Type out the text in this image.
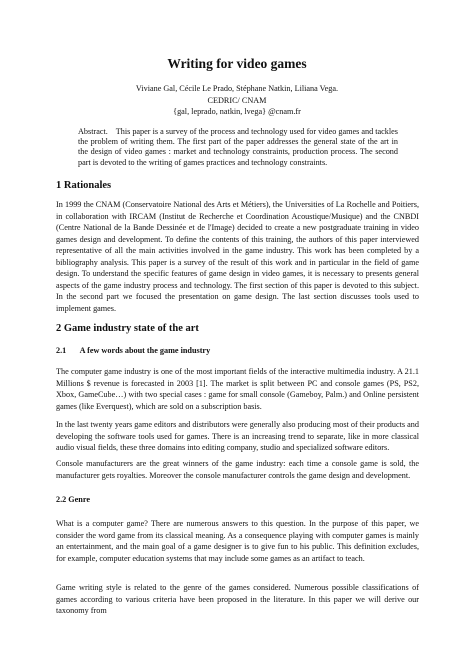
Writing for video games
Viviane Gal, Cécile Le Prado, Stéphane Natkin, Liliana Vega.
CEDRIC/ CNAM
{gal, leprado, natkin, lvega} @cnam.fr
Abstract. This paper is a survey of the process and technology used for video games and tackles the problem of writing them. The first part of the paper addresses the general state of the art in the design of video games : market and technology constraints, production process. The second part is devoted to the writing of games practices and technology constraints.
1 Rationales
In 1999 the CNAM (Conservatoire National des Arts et Métiers), the Universities of La Rochelle and Poitiers, in collaboration with IRCAM (Institut de Recherche et Coordination Acoustique/Musique) and the CNBDI (Centre National de la Bande Dessinée et de l'Image) decided to create a new postgraduate training in video games design and development. To define the contents of this training, the authors of this paper interviewed representative of all the main activities involved in the game industry. This work has been completed by a bibliography analysis. This paper is a survey of the result of this work and in particular in the field of game design. To understand the specific features of game design in video games, it is necessary to presents general aspects of the game industry process and technology. The first section of this paper is devoted to this subject. In the second part we focused the presentation on game design. The last section discusses tools used to implement games.
2 Game industry state of the art
2.1 A few words about the game industry
The computer game industry is one of the most important fields of the interactive multimedia industry. A 21.1 Millions $ revenue is forecasted in 2003 [1]. The market is split between PC and console games (PS, PS2, Xbox, GameCube…) with two special cases : game for small console (Gameboy, Palm.) and Online persistent games (like Everquest), which are sold on a subscription basis.
In the last twenty years game editors and distributors were generally also producing most of their products and developing the software tools used for games. There is an increasing trend to separate, like in more classical audio visual fields, these three domains into editing company, studio and specialized software editors.
Console manufacturers are the great winners of the game industry: each time a console game is sold, the manufacturer gets royalties. Moreover the console manufacturer controls the game design and development.
2.2 Genre
What is a computer game? There are numerous answers to this question. In the purpose of this paper, we consider the word game from its classical meaning. As a consequence playing with computer games is mainly an entertainment, and the main goal of a game designer is to give fun to his public. This definition excludes, for example, computer education systems that may include some games as an artifact to teach.
Game writing style is related to the genre of the games considered. Numerous possible classifications of games according to various criteria have been proposed in the literature. In this paper we will derive our taxonomy from
